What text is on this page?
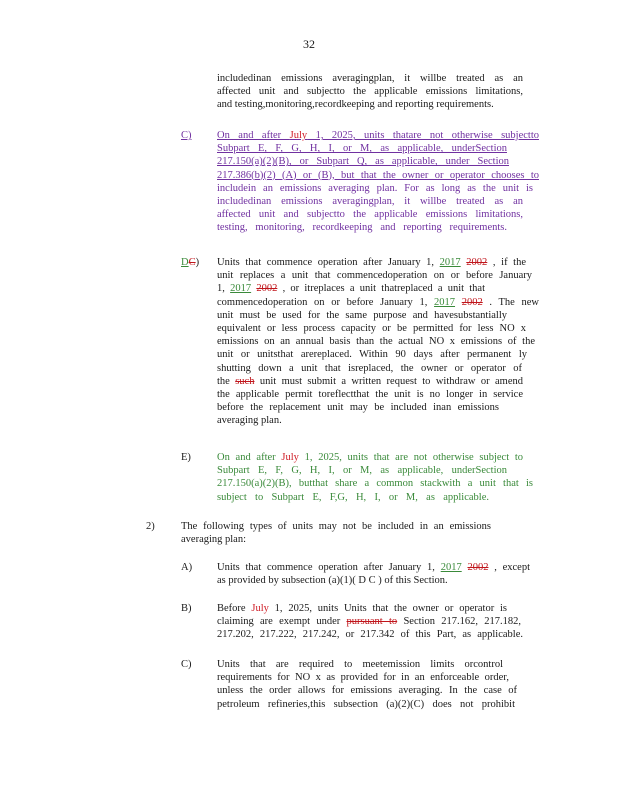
32
includedinan emissions averagingplan, it willbe treated as an
affected unit and subjectto the applicable emissions limitations,
and testing,monitoring,recordkeeping and reporting requirements.
C) On and after July 1, 2025, units thatare not otherwise subjectto
Subpart E, F, G, H, I, or M, as applicable, underSection
217.150(a)(2)(B), or Subpart Q, as applicable, under Section
217.386(b)(2) (A) or (B), but that the owner or operator chooses to
includein an emissions averaging plan. For as long as the unit is
includedinan emissions averagingplan, it willbe treated as an
affected unit and subjectto the applicable emissions limitations,
testing, monitoring, recordkeeping and reporting requirements.
DC) Units that commence operation after January 1, 2017 2002 , if the
unit replaces a unit that commencedoperation on or before January
1, 2017 2002 , or itreplaces a unit thatreplaced a unit that
commencedoperation on or before January 1, 2017 2002 . The new
unit must be used for the same purpose and havesubstantially
equivalent or less process capacity or be permitted for less NO x
emissions on an annual basis than the actual NO x emissions of the
unit or unitsthat arereplaced. Within 90 days after permanent ly
shutting down a unit that isreplaced, the owner or operator of
the such unit must submit a written request to withdraw or amend
the applicable permit toreflectthat the unit is no longer in service
before the replacement unit may be included inan emissions
averaging plan.
E) On and after July 1, 2025, units that are not otherwise subject to
Subpart E, F, G, H, I, or M, as applicable, underSection
217.150(a)(2)(B), butthat share a common stackwith a unit that is
subject to Subpart E, F,G, H, I, or M, as applicable.
2)	The following types of units may not be included in an emissions
averaging plan:
A) Units that commence operation after January 1, 2017 2002 , except
as provided by subsection (a)(1)( D C ) of this Section.
B) Before July 1, 2025, units Units that the owner or operator is
claiming are exempt under pursuant to Section 217.162, 217.182,
217.202, 217.222, 217.242, or 217.342 of this Part, as applicable.
C) Units that are required to meetemission limits orcontrol
requirements for NO x as provided for in an enforceable order,
unless the order allows for emissions averaging. In the case of
petroleum refineries,this subsection (a)(2)(C) does not prohibit
